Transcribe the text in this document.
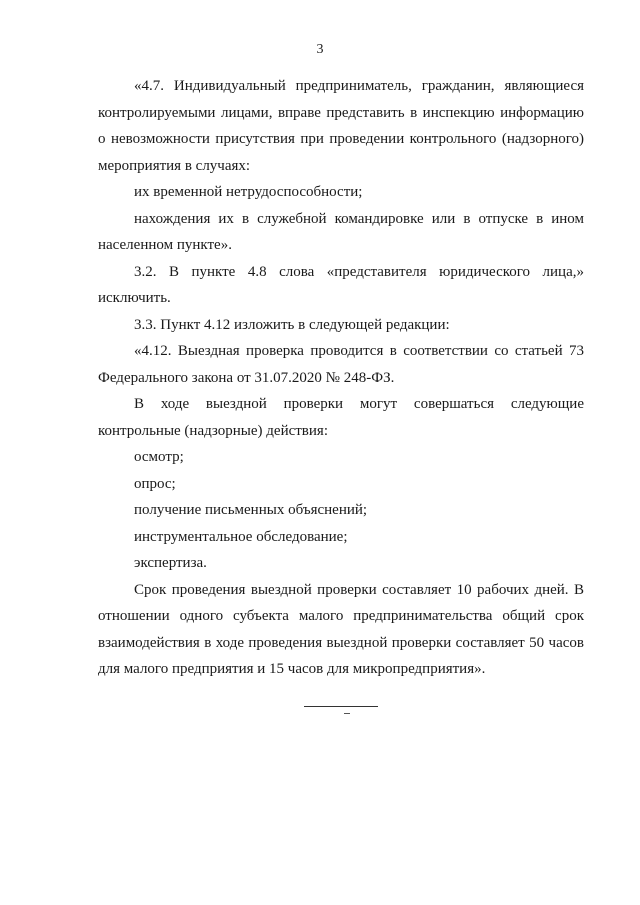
3

«4.7. Индивидуальный предприниматель, гражданин, являющиеся контролируемыми лицами, вправе представить в инспекцию информацию о невозможности присутствия при проведении контрольного (надзорного) мероприятия в случаях:

их временной нетрудоспособности;

нахождения их в служебной командировке или в отпуске в ином населенном пункте».

3.2. В пункте 4.8 слова «представителя юридического лица,» исключить.

3.3. Пункт 4.12 изложить в следующей редакции:

«4.12. Выездная проверка проводится в соответствии со статьей 73 Федерального закона от 31.07.2020 № 248-ФЗ.

В ходе выездной проверки могут совершаться следующие контрольные (надзорные) действия:

осмотр;

опрос;

получение письменных объяснений;

инструментальное обследование;

экспертиза.

Срок проведения выездной проверки составляет 10 рабочих дней. В отношении одного субъекта малого предпринимательства общий срок взаимодействия в ходе проведения выездной проверки составляет 50 часов для малого предприятия и 15 часов для микропредприятия».
